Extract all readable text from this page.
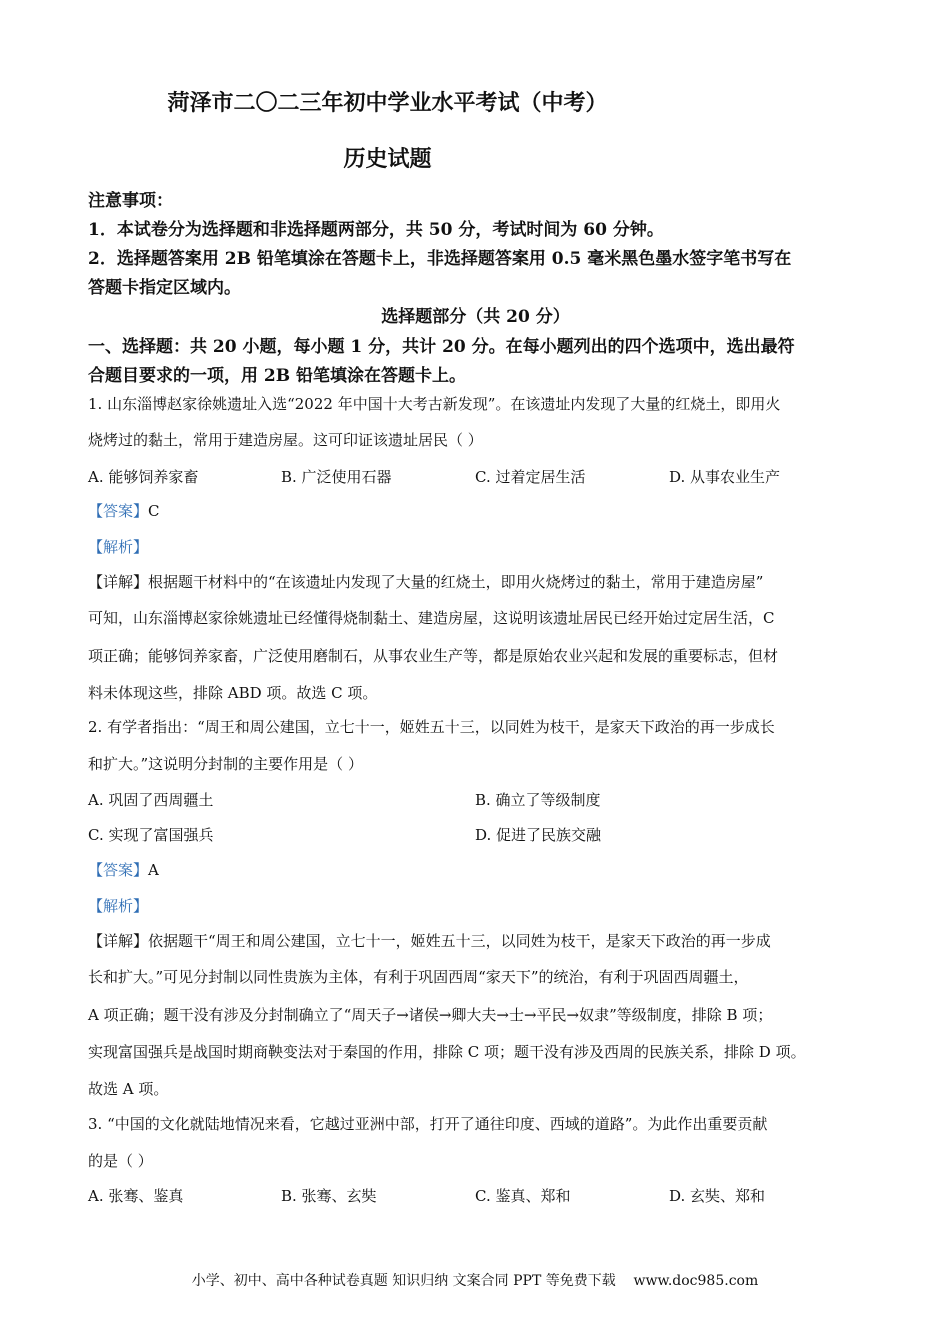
菏泽市二〇二三年初中学业水平考试（中考）
历史试题
注意事项：
1．本试卷分为选择题和非选择题两部分，共 50 分，考试时间为 60 分钟。
2．选择题答案用 2B 铅笔填涂在答题卡上，非选择题答案用 0.5 毫米黑色墨水签字笔书写在
答题卡指定区域内。
选择题部分（共 20 分）
一、选择题：共 20 小题，每小题 1 分，共计 20 分。在每小题列出的四个选项中，选出最符
合题目要求的一项，用 2B 铅笔填涂在答题卡上。
1. 山东淄博赵家徐姚遗址入选“2022 年中国十大考古新发现”。在该遗址内发现了大量的红烧土，即用火
烧烤过的黏土，常用于建造房屋。这可印证该遗址居民（ ）
A. 能够饲养家畜	B. 广泛使用石器	C. 过着定居生活	D. 从事农业生产
【答案】C
【解析】
【详解】根据题干材料中的“在该遗址内发现了大量的红烧土，即用火烧烤过的黏土，常用于建造房屋”
可知，山东淄博赵家徐姚遗址已经懂得烧制黏土、建造房屋，这说明该遗址居民已经开始过定居生活，C
项正确；能够饲养家畜，广泛使用磨制石，从事农业生产等，都是原始农业兴起和发展的重要标志，但材
料未体现这些，排除 ABD 项。故选 C 项。
2. 有学者指出：“周王和周公建国，立七十一，姬姓五十三，以同姓为枝干，是家天下政治的再一步成长
和扩大。”这说明分封制的主要作用是（ ）
A. 巩固了西周疆土	B. 确立了等级制度
C. 实现了富国强兵	D. 促进了民族交融
【答案】A
【解析】
【详解】依据题干“周王和周公建国，立七十一，姬姓五十三，以同姓为枝干，是家天下政治的再一步成
长和扩大。”可见分封制以同性贵族为主体，有利于巩固西周“家天下”的统治，有利于巩固西周疆土，
A 项正确；题干没有涉及分封制确立了“周天子→诸侯→卿大夫→士→平民→奴隶”等级制度，排除 B 项；
实现富国强兵是战国时期商鞅变法对于秦国的作用，排除 C 项；题干没有涉及西周的民族关系，排除 D 项。
故选 A 项。
3. “中国的文化就陆地情况来看，它越过亚洲中部，打开了通往印度、西域的道路”。为此作出重要贡献
的是（ ）
A. 张骞、鉴真	B. 张骞、玄奘	C. 鉴真、郑和	D. 玄奘、郑和
小学、初中、高中各种试卷真题 知识归纳 文案合同 PPT 等免费下载 www.doc985.com
